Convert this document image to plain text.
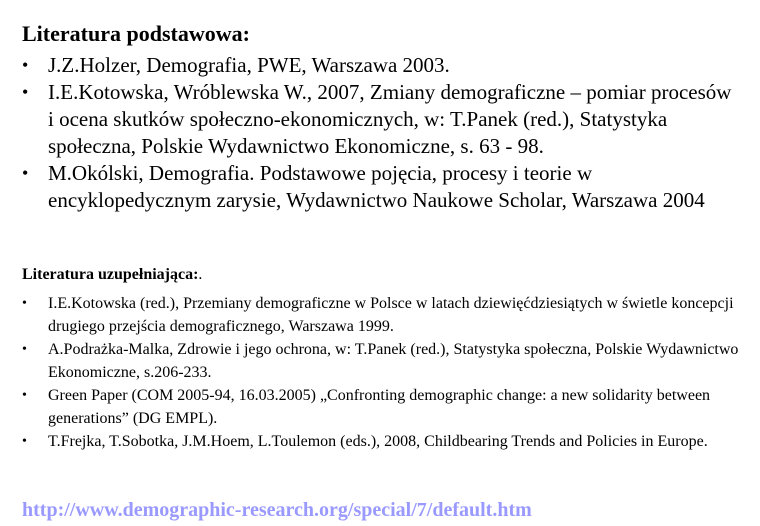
Literatura podstawowa:
• J.Z.Holzer, Demografia, PWE, Warszawa 2003.
• I.E.Kotowska, Wróblewska W., 2007, Zmiany demograficzne – pomiar procesów i ocena skutków społeczno-ekonomicznych, w: T.Panek (red.), Statystyka społeczna, Polskie Wydawnictwo Ekonomiczne, s. 63 - 98.
• M.Okólski, Demografia. Podstawowe pojęcia, procesy i teorie w encyklopedycznym zarysie, Wydawnictwo Naukowe Scholar, Warszawa 2004
Literatura uzupełniająca:.
• I.E.Kotowska (red.), Przemiany demograficzne w Polsce w latach dziewięćdziesiątych w świetle koncepcji drugiego przejścia demograficznego, Warszawa 1999.
• A.Podrażka-Malka, Zdrowie i jego ochrona, w: T.Panek (red.), Statystyka społeczna, Polskie Wydawnictwo Ekonomiczne, s.206-233.
• Green Paper (COM 2005-94, 16.03.2005) „Confronting demographic change: a new solidarity between generations” (DG EMPL).
• T.Frejka, T.Sobotka, J.M.Hoem, L.Toulemon (eds.), 2008, Childbearing Trends and Policies in Europe.
http://www.demographic-research.org/special/7/default.htm
